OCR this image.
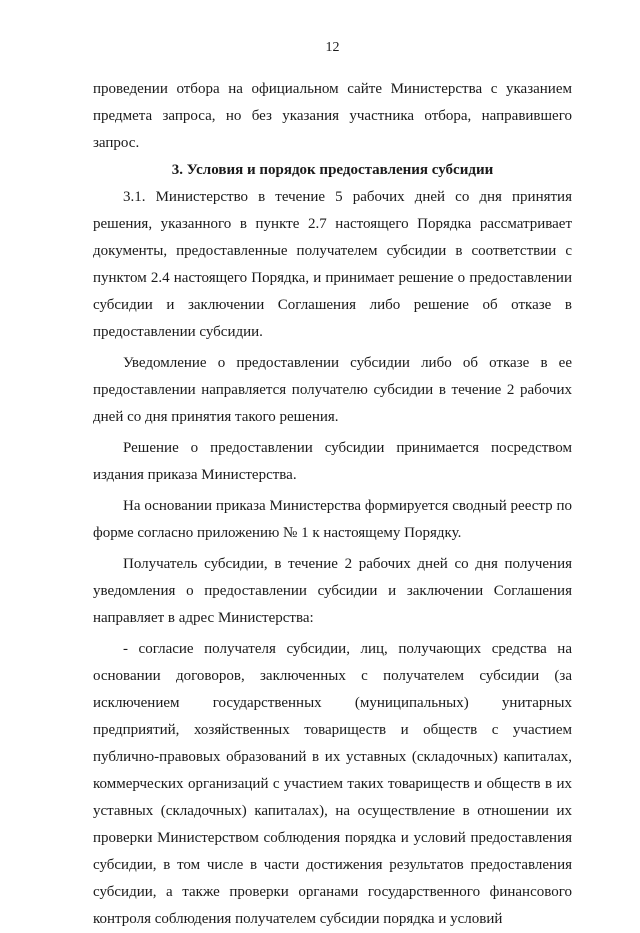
12

проведении отбора на официальном сайте Министерства с указанием предмета запроса, но без указания участника отбора, направившего запрос.

3. Условия и порядок предоставления субсидии

3.1. Министерство в течение 5 рабочих дней со дня принятия решения, указанного в пункте 2.7 настоящего Порядка рассматривает документы, предоставленные получателем субсидии в соответствии с пунктом 2.4 настоящего Порядка, и принимает решение о предоставлении субсидии и заключении Соглашения либо решение об отказе в предоставлении субсидии.

Уведомление о предоставлении субсидии либо об отказе в ее предоставлении направляется получателю субсидии в течение 2 рабочих дней со дня принятия такого решения.

Решение о предоставлении субсидии принимается посредством издания приказа Министерства.

На основании приказа Министерства формируется сводный реестр по форме согласно приложению № 1 к настоящему Порядку.

Получатель субсидии, в течение 2 рабочих дней со дня получения уведомления о предоставлении субсидии и заключении Соглашения направляет в адрес Министерства:

- согласие получателя субсидии, лиц, получающих средства на основании договоров, заключенных с получателем субсидии (за исключением государственных (муниципальных) унитарных предприятий, хозяйственных товариществ и обществ с участием публично-правовых образований в их уставных (складочных) капиталах, коммерческих организаций с участием таких товариществ и обществ в их уставных (складочных) капиталах), на осуществление в отношении их проверки Министерством соблюдения порядка и условий предоставления субсидии, в том числе в части достижения результатов предоставления субсидии, а также проверки органами государственного финансового контроля соблюдения получателем субсидии порядка и условий
